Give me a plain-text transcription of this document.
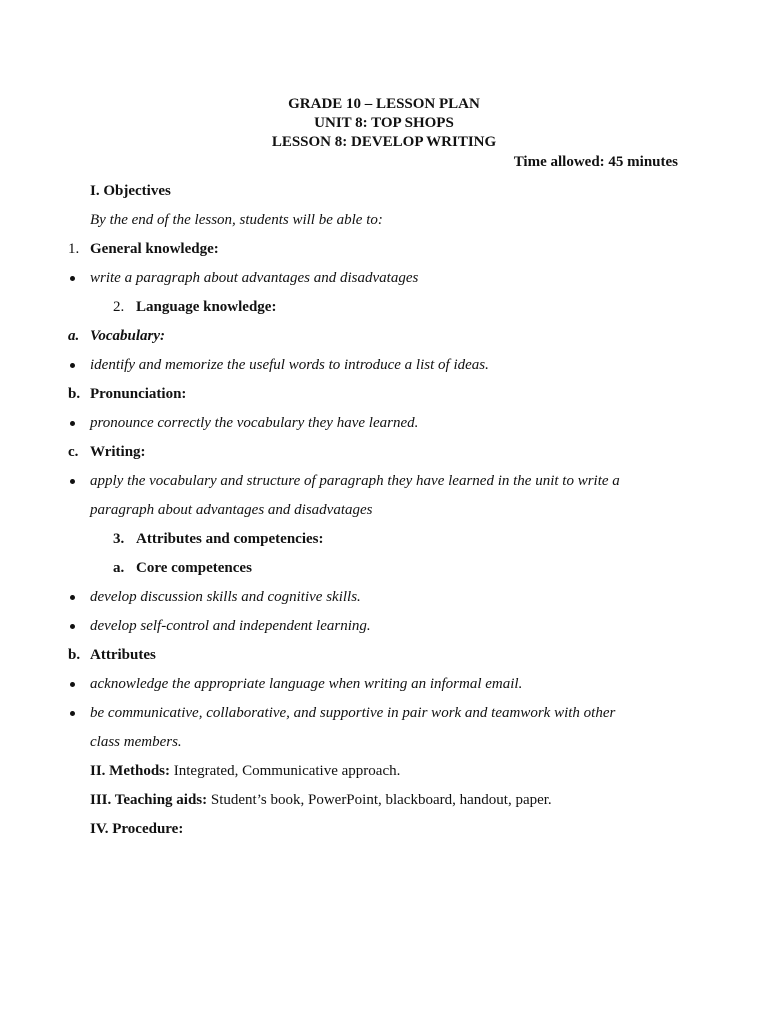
GRADE 10 – LESSON PLAN
UNIT 8: TOP SHOPS
LESSON 8: DEVELOP WRITING
Time allowed: 45 minutes
I. Objectives
By the end of the lesson, students will be able to:
1. General knowledge:
write a paragraph about advantages and disadvatages
2. Language knowledge:
a. Vocabulary:
identify and memorize the useful words to introduce a list of ideas.
b. Pronunciation:
pronounce correctly the vocabulary they have learned.
c. Writing:
apply the vocabulary and structure of paragraph they have learned in the unit to write a
paragraph about advantages and disadvatages
3. Attributes and competencies:
a. Core competences
develop discussion skills and cognitive skills.
develop self-control and independent learning.
b. Attributes
acknowledge the appropriate language when writing an informal email.
be communicative, collaborative, and supportive in pair work and teamwork with other
class members.
II. Methods: Integrated, Communicative approach.
III. Teaching aids: Student’s book, PowerPoint, blackboard, handout, paper.
IV. Procedure:
